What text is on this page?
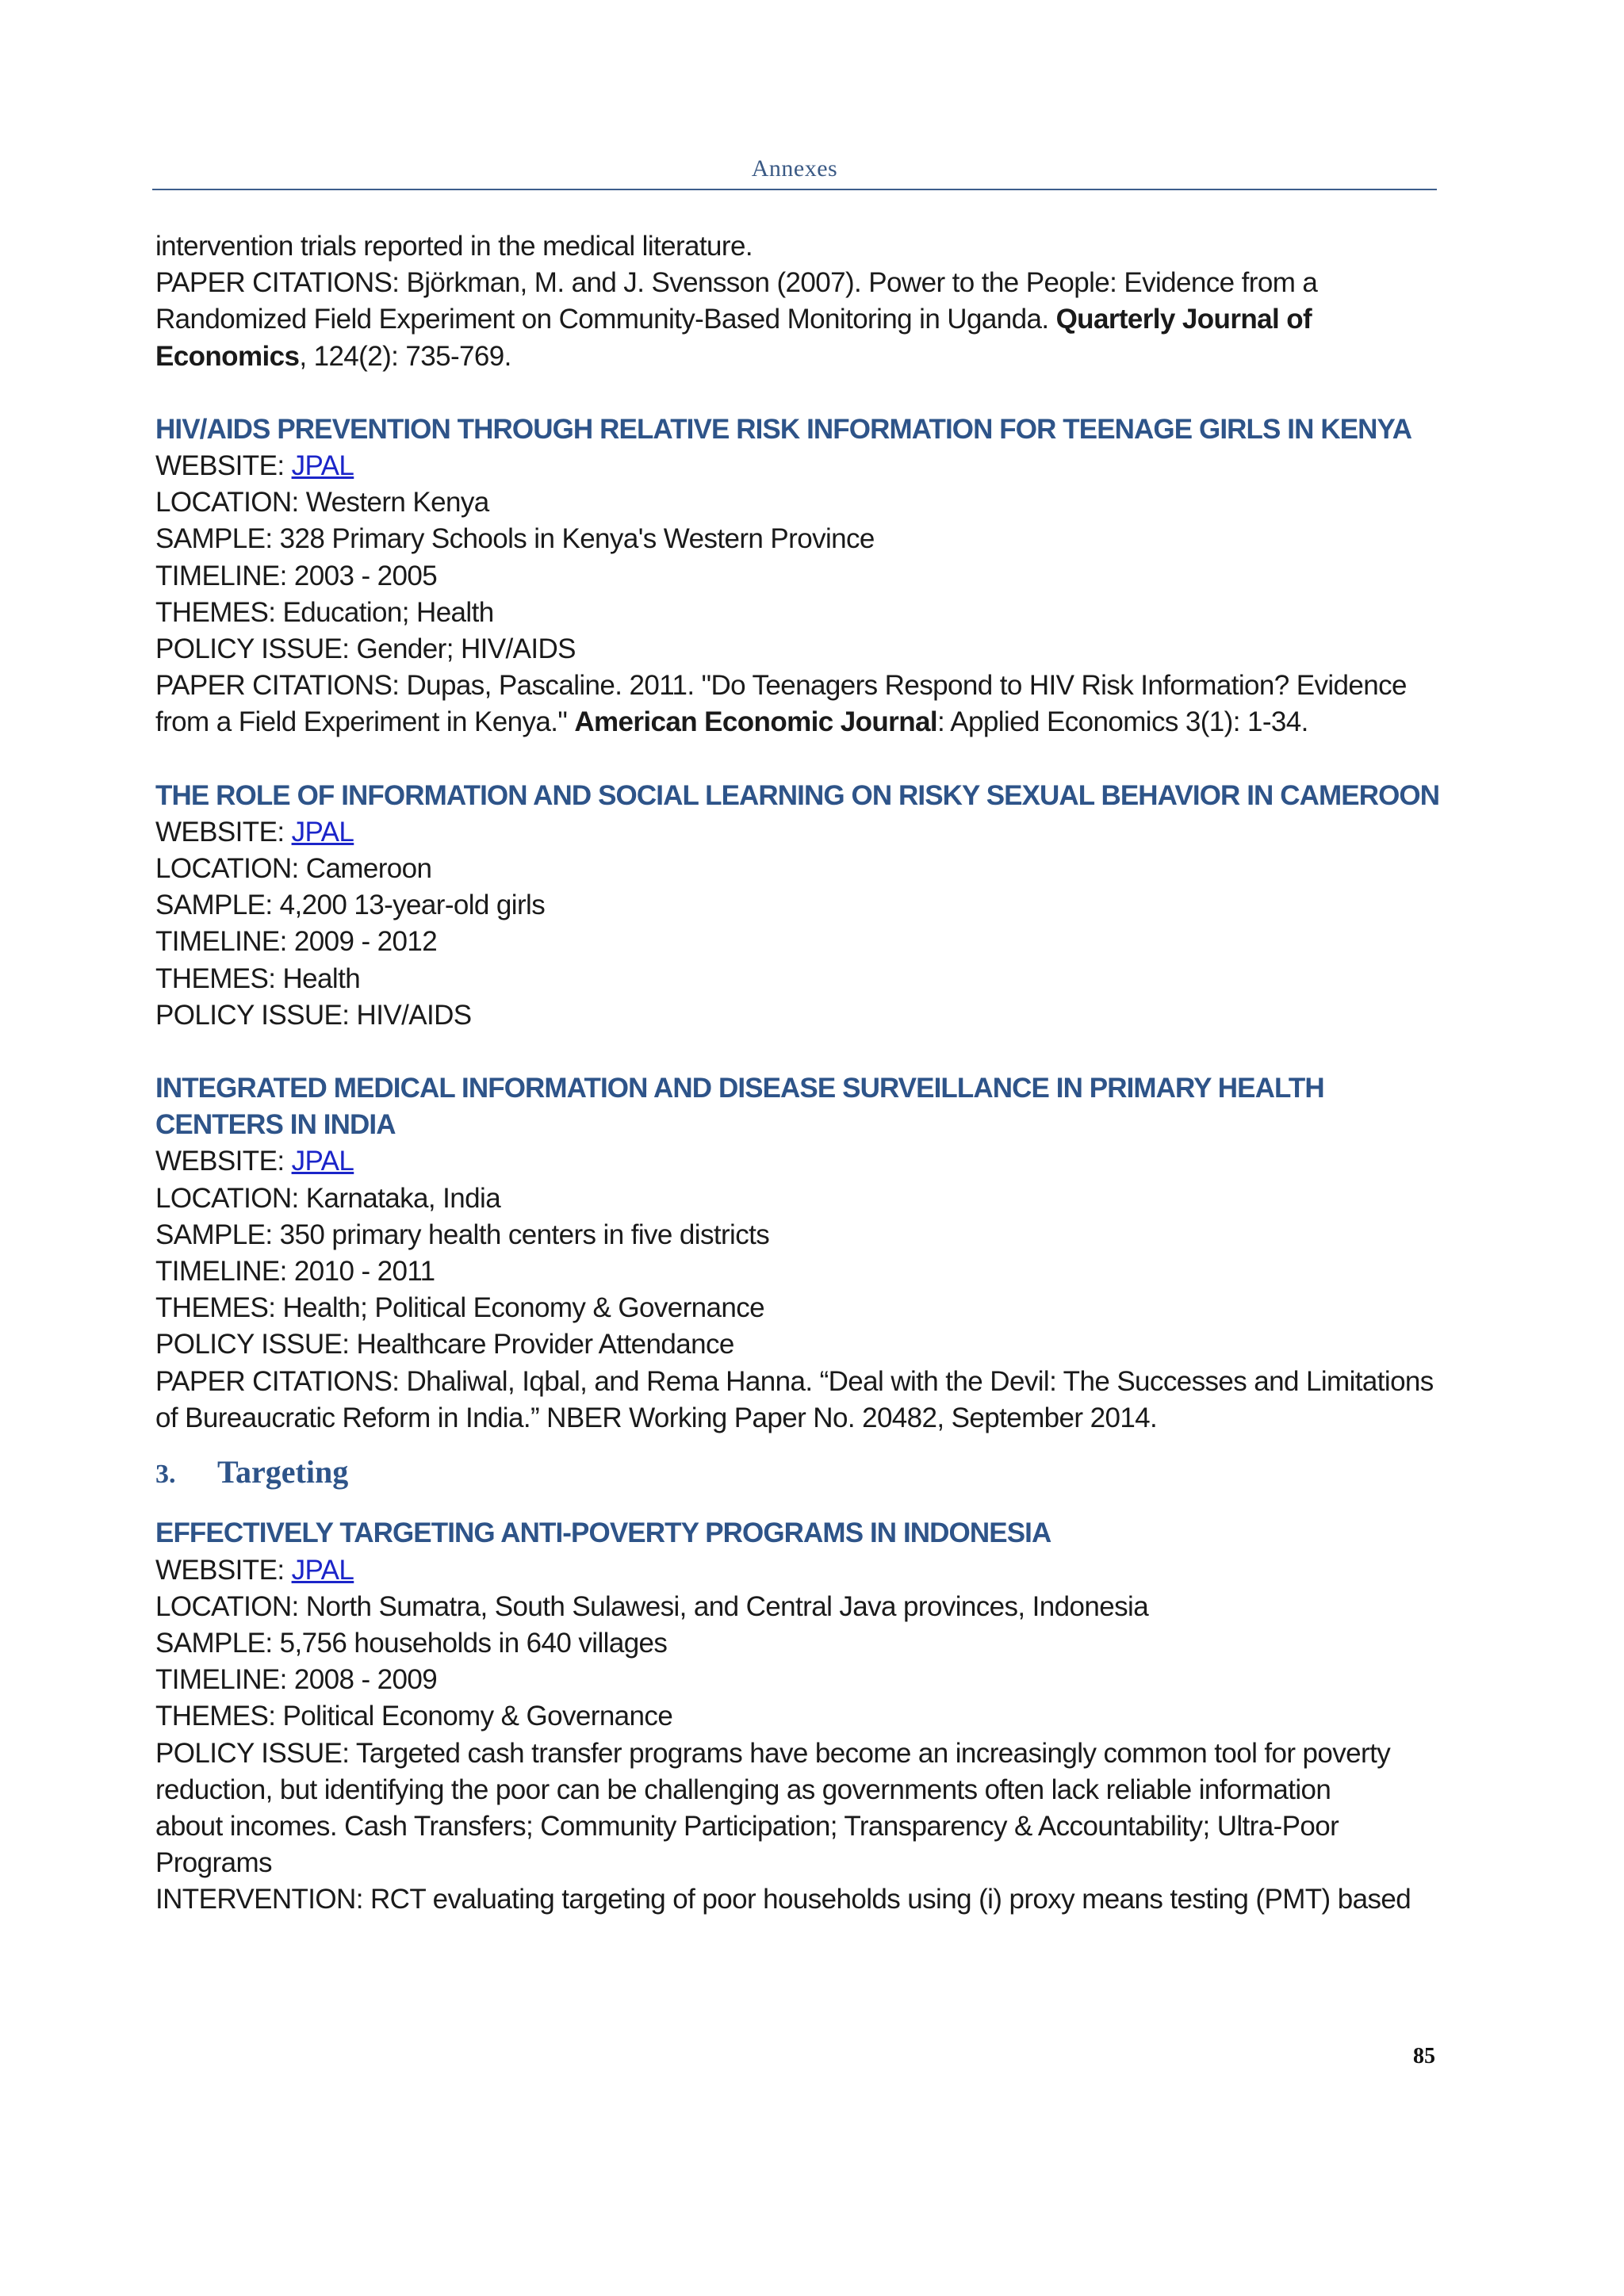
Annexes
intervention trials reported in the medical literature.
PAPER CITATIONS: Björkman, M. and J. Svensson (2007). Power to the People: Evidence from a
Randomized Field Experiment on Community-Based Monitoring in Uganda. Quarterly Journal of
Economics, 124(2): 735-769.
HIV/AIDS PREVENTION THROUGH RELATIVE RISK INFORMATION FOR TEENAGE GIRLS IN KENYA
WEBSITE: JPAL
LOCATION: Western Kenya
SAMPLE: 328 Primary Schools in Kenya's Western Province
TIMELINE: 2003 - 2005
THEMES: Education; Health
POLICY ISSUE: Gender; HIV/AIDS
PAPER CITATIONS: Dupas, Pascaline. 2011. "Do Teenagers Respond to HIV Risk Information? Evidence
from a Field Experiment in Kenya." American Economic Journal: Applied Economics 3(1): 1-34.
THE ROLE OF INFORMATION AND SOCIAL LEARNING ON RISKY SEXUAL BEHAVIOR IN CAMEROON
WEBSITE: JPAL
LOCATION: Cameroon
SAMPLE: 4,200 13-year-old girls
TIMELINE: 2009 - 2012
THEMES: Health
POLICY ISSUE: HIV/AIDS
INTEGRATED MEDICAL INFORMATION AND DISEASE SURVEILLANCE IN PRIMARY HEALTH CENTERS IN INDIA
WEBSITE: JPAL
LOCATION: Karnataka, India
SAMPLE: 350 primary health centers in five districts
TIMELINE: 2010 - 2011
THEMES: Health; Political Economy & Governance
POLICY ISSUE: Healthcare Provider Attendance
PAPER CITATIONS: Dhaliwal, Iqbal, and Rema Hanna. “Deal with the Devil: The Successes and Limitations
of Bureaucratic Reform in India.” NBER Working Paper No. 20482, September 2014.
3.	Targeting
EFFECTIVELY TARGETING ANTI-POVERTY PROGRAMS IN INDONESIA
WEBSITE: JPAL
LOCATION: North Sumatra, South Sulawesi, and Central Java provinces, Indonesia
SAMPLE: 5,756 households in 640 villages
TIMELINE: 2008 - 2009
THEMES: Political Economy & Governance
POLICY ISSUE: Targeted cash transfer programs have become an increasingly common tool for poverty
reduction, but identifying the poor can be challenging as governments often lack reliable information
about incomes. Cash Transfers; Community Participation; Transparency & Accountability; Ultra-Poor
Programs
INTERVENTION: RCT evaluating targeting of poor households using (i) proxy means testing (PMT) based
85
